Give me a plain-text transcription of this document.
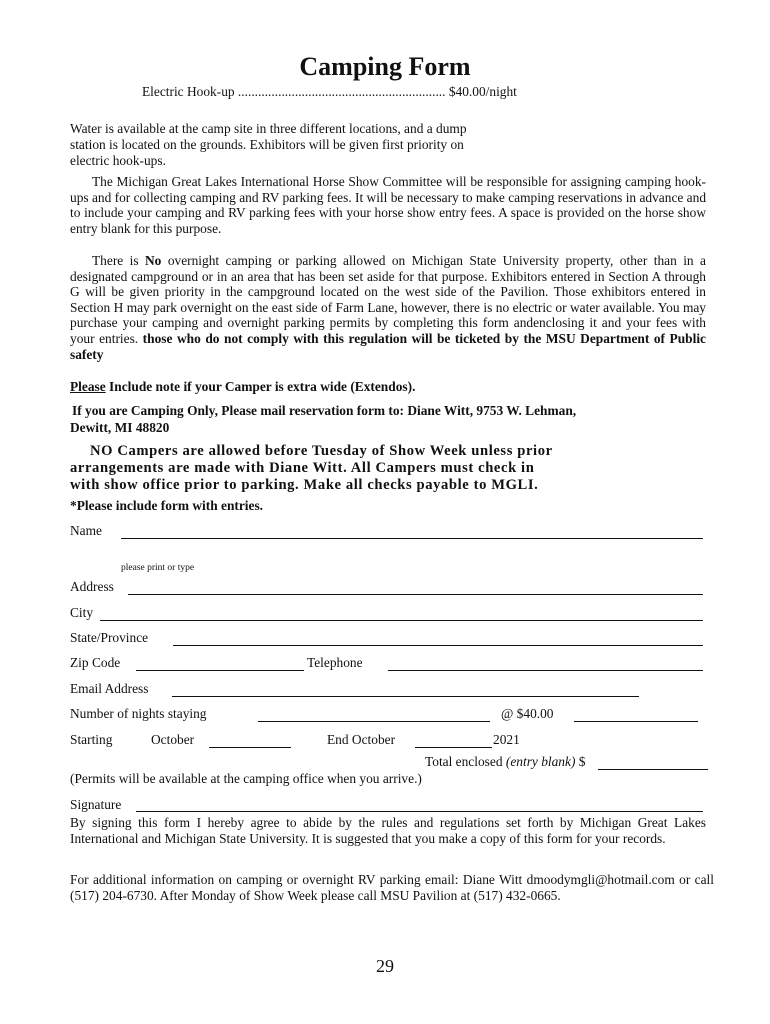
Camping Form
Electric Hook-up .............................................................. $40.00/night
Water is available at the camp site in three different locations, and a dump
station is located on the grounds. Exhibitors will be given first priority on
electric hook-ups.
The Michigan Great Lakes International Horse Show Committee will be responsible for assigning camping hook-ups and for collecting camping and RV parking fees. It will be necessary to make camping reservations in advance and to include your camping and RV parking fees with your horse show entry fees. A space is provided on the horse show entry blank for this purpose.
There is No overnight camping or parking allowed on Michigan State University property, other than in a designated campground or in an area that has been set aside for that purpose. Exhibitors entered in Section A through G will be given priority in the campground located on the west side of the Pavilion. Those exhibitors entered in Section H may park overnight on the east side of Farm Lane, however, there is no electric or water available. You may purchase your camping and overnight parking permits by completing this form andenclosing it and your fees with your entries. those who do not comply with this regulation will be ticketed by the MSU Department of Public safety
Please Include note if your Camper is extra wide (Extendos).
If you are Camping Only, Please mail reservation form to: Diane Witt, 9753 W. Lehman,
Dewitt, MI 48820
NO Campers are allowed before Tuesday of Show Week unless prior
arrangements are made with Diane Witt. All Campers must check in
with show office prior to parking. Make all checks payable to MGLI.
*Please include form with entries.
Name
please print or type
Address
City
State/Province
Zip Code	Telephone
Email Address
Number of nights staying	@ $40.00
Starting	October	End October	2021
Total enclosed (entry blank) $
(Permits will be available at the camping office when you arrive.)
Signature
By signing this form I hereby agree to abide by the rules and regulations set forth by Michigan Great Lakes International and Michigan State University. It is suggested that you make a copy of this form for your records.
For additional information on camping or overnight RV parking email: Diane Witt dmoodymgli@hotmail.com or call (517) 204-6730. After Monday of Show Week please call MSU Pavilion at (517) 432-0665.
29
